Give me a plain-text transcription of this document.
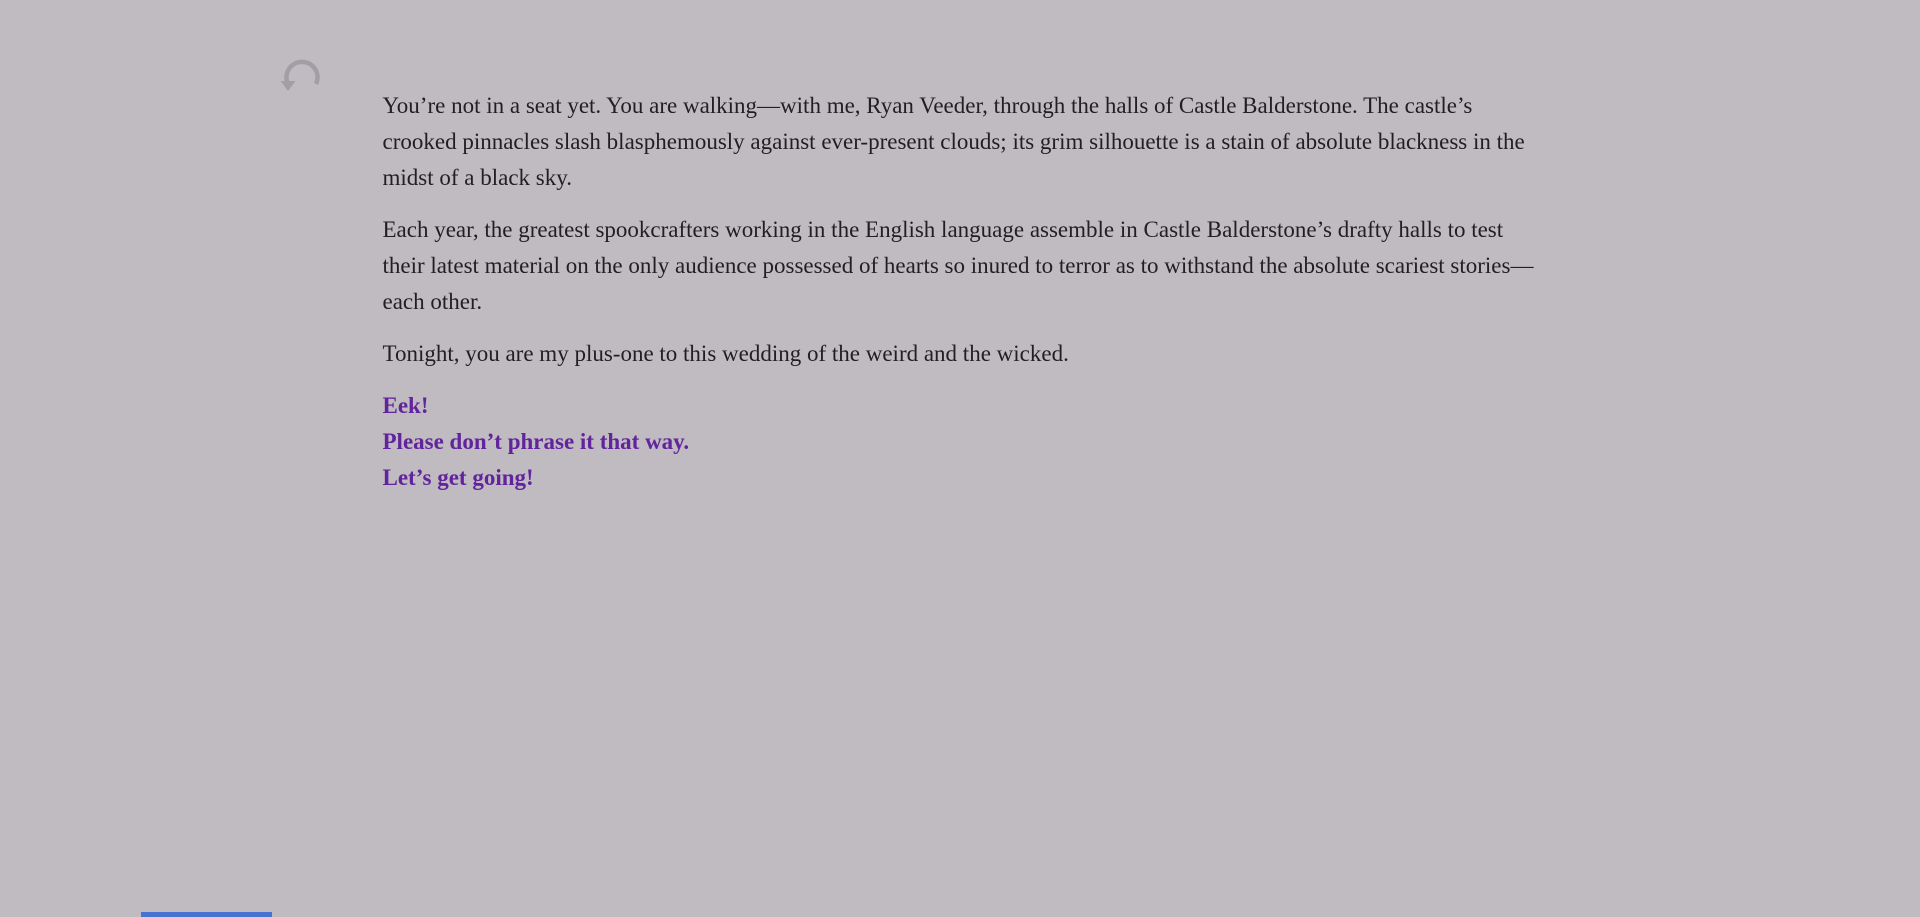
You’re not in a seat yet. You are walking—with me, Ryan Veeder, through the halls of Castle Balderstone. The castle’s crooked pinnacles slash blasphemously against ever-present clouds; its grim silhouette is a stain of absolute blackness in the midst of a black sky.

Each year, the greatest spookcrafters working in the English language assemble in Castle Balderstone’s drafty halls to test their latest material on the only audience possessed of hearts so inured to terror as to withstand the absolute scariest stories—each other.

Tonight, you are my plus-one to this wedding of the weird and the wicked.

Eek!
Please don’t phrase it that way.
Let’s get going!
